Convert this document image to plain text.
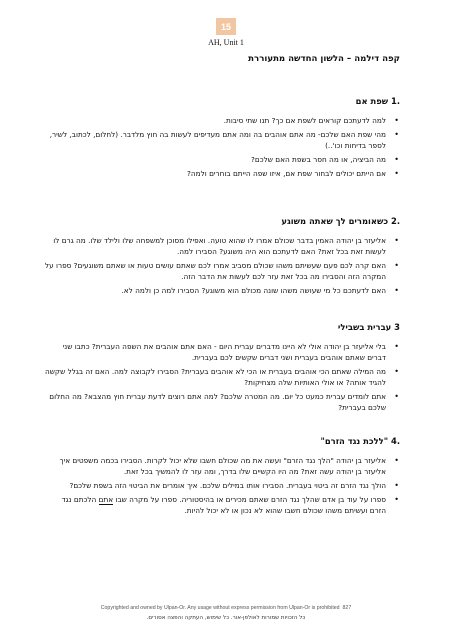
15
AH, Unit 1
קפה דילמה – הלשון החדשה מתעוררת
.1 שפת אם
• למה לדעתכם קוראים לשפת אם כך? תנו שתי סיבות.
• מהי שפת האם שלכם- מה אתם אוהבים בה ומה אתם מעדיפים לעשות בה חוץ מלדבר. (לחלום, לכתוב, לשיר, לספר בדיחות וכו'..)
• מה הביציה, או מה חסר בשפת האם שלכם?
• אם הייתם יכולים לבחור שפת אם, איזו שפה הייתם בוחרים ולמה?
.2 כשאומרים לך שאתה משוגע
• אליעזר בן יהודה האמין בדבר שכולם אמרו לו שהוא טועה. ואפילו מסוכן למשפחה שלו ולילד שלו. מה גרם לו לעשות זאת בכל זאת? האם לדעתכם הוא היה משוגע? הסבירו למה.
• האם קרה לכם פעם שעשיתם משהו שכולם מסביב אמרו לכם שאתם עושים טעות או שאתם משוגעים? ספרו על המקרה הזה והסבירו מה בכל זאת עזר לכם לעשות את הדבר הזה.
• האם לדעתכם כל מי שעושה משהו שונה מכולם הוא משוגע? הסבירו למה כן ולמה לא.
3 עברית בשבילי
• בלי אליעזר בן יהודה אולי לא היינו מדברים עברית היום - האם אתם אוהבים את השפה העברית? כתבו שני דברים שאתם אוהבים בעברית ושני דברים שקשים לכם בעברית.
• מה המילה שאתם הכי אוהבים בעברית או הכי לא אוהבים בעברית? הסבירו לקבוצה למה. האם זה בגלל שקשה להגיד אותה? או אולי האותיות שלה מצחיקות?
• אתם לומדים עברית כמעט כל יום. מה המטרה שלכם? למה אתם רוצים לדעת עברית חוץ מהצבא? מה החלום שלכם בעברית?
.4 "ללכת נגד הזרם"
• אליעזר בן יהודה "הלך נגד הזרם" ועשה את מה שכולם חשבו שלא יכול לקרות. הסבירו בכמה משפטים איך אליעזר בן יהודה עשה זאת? מה היו הקשיים שלו בדרך, ומה עזר לו להמשיך בכל זאת.
• הולך נגד הזרם זה ביטוי בעברית. הסבירו אותו במילים שלכם. איך אומרים את הביטוי הזה בשפת שלכם?
• ספרו על עוד בן אדם שהלך נגד הזרם שאתם מכירים או בהיסטוריה. ספרו על מקרה שבו אתם הלכתם נגד הזרם ועשיתם משהו שכולם חשבו שהוא לא נכון או לא יכול להיות.
Copyrighted and owned by Ulpan-Or. Any usage without express permission from Ulpan-Or is prohibited 827
כל הזכויות שמורות לאולפן-אור. כל שימוש, העתקה והפצה אסורים.
